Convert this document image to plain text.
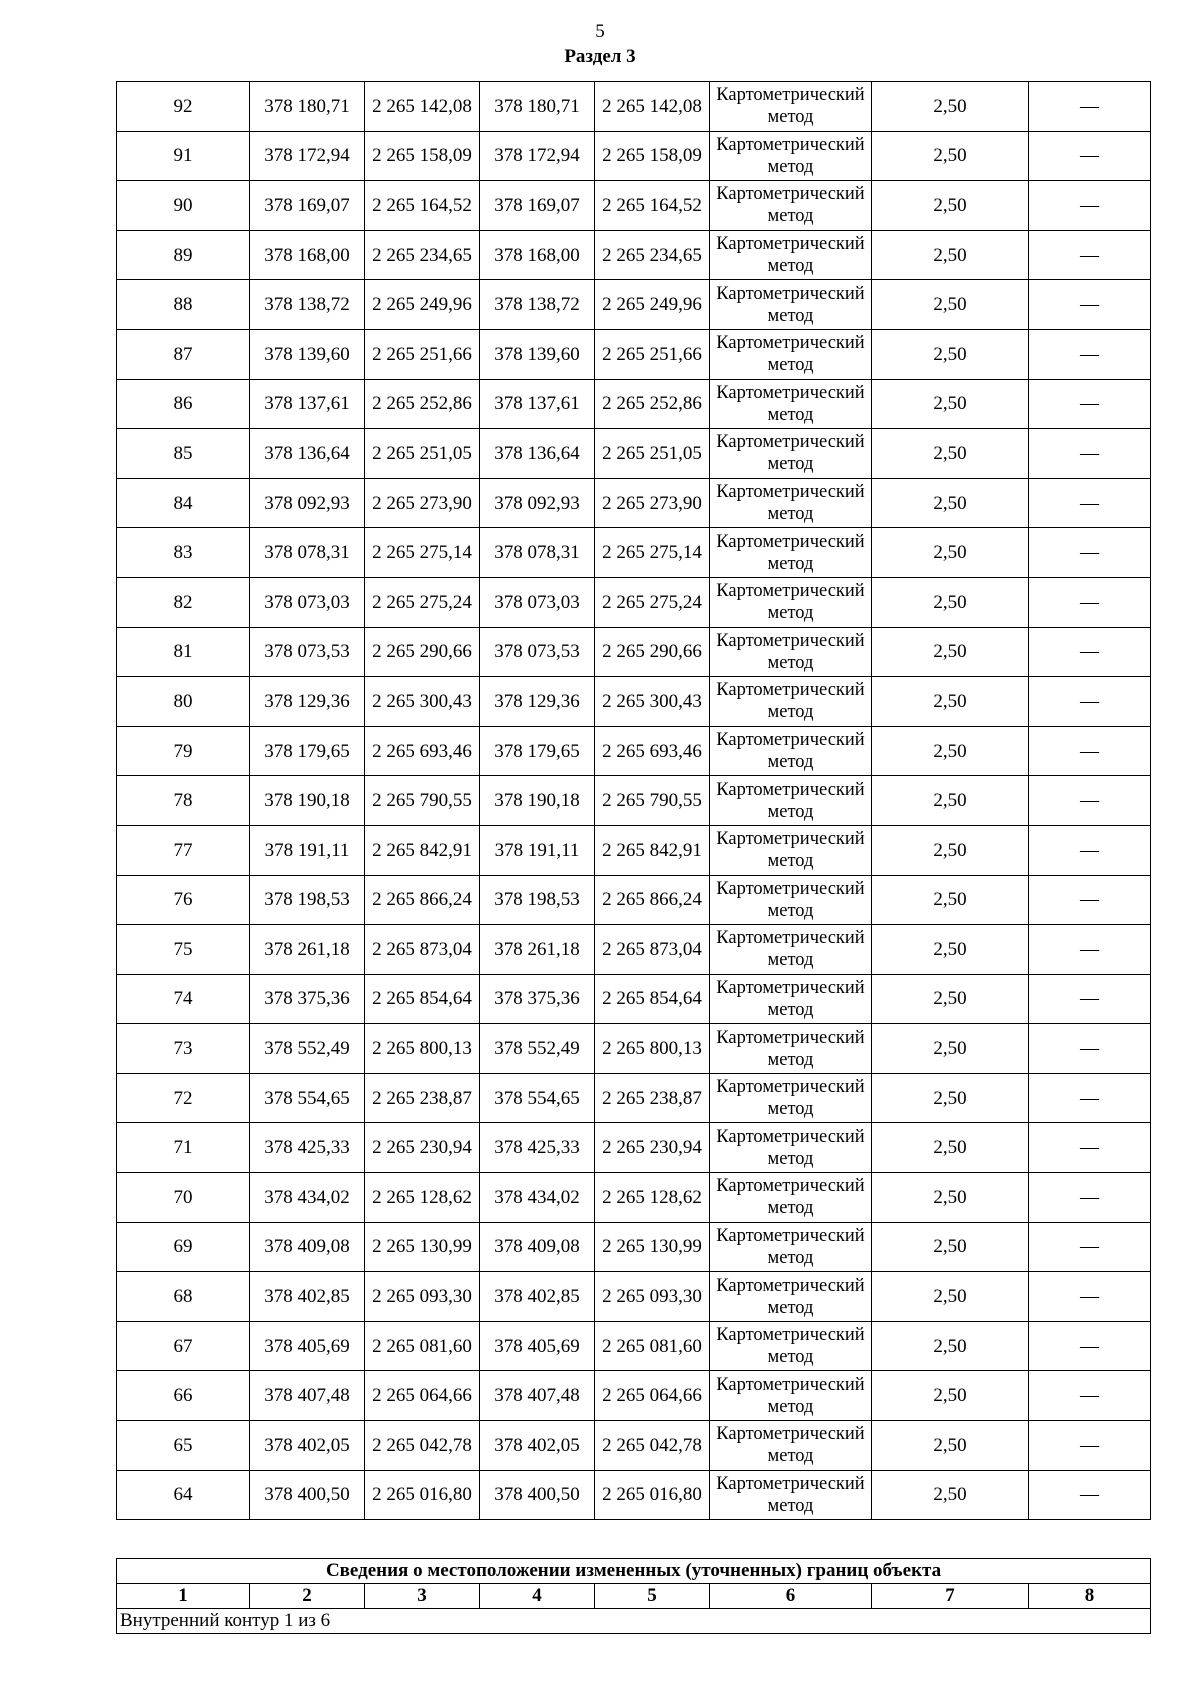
5
Раздел 3
92	378 180,71	2 265 142,08	378 180,71	2 265 142,08	Картометрический метод	2,50	—
91	378 172,94	2 265 158,09	378 172,94	2 265 158,09	Картометрический метод	2,50	—
90	378 169,07	2 265 164,52	378 169,07	2 265 164,52	Картометрический метод	2,50	—
89	378 168,00	2 265 234,65	378 168,00	2 265 234,65	Картометрический метод	2,50	—
88	378 138,72	2 265 249,96	378 138,72	2 265 249,96	Картометрический метод	2,50	—
87	378 139,60	2 265 251,66	378 139,60	2 265 251,66	Картометрический метод	2,50	—
86	378 137,61	2 265 252,86	378 137,61	2 265 252,86	Картометрический метод	2,50	—
85	378 136,64	2 265 251,05	378 136,64	2 265 251,05	Картометрический метод	2,50	—
84	378 092,93	2 265 273,90	378 092,93	2 265 273,90	Картометрический метод	2,50	—
83	378 078,31	2 265 275,14	378 078,31	2 265 275,14	Картометрический метод	2,50	—
82	378 073,03	2 265 275,24	378 073,03	2 265 275,24	Картометрический метод	2,50	—
81	378 073,53	2 265 290,66	378 073,53	2 265 290,66	Картометрический метод	2,50	—
80	378 129,36	2 265 300,43	378 129,36	2 265 300,43	Картометрический метод	2,50	—
79	378 179,65	2 265 693,46	378 179,65	2 265 693,46	Картометрический метод	2,50	—
78	378 190,18	2 265 790,55	378 190,18	2 265 790,55	Картометрический метод	2,50	—
77	378 191,11	2 265 842,91	378 191,11	2 265 842,91	Картометрический метод	2,50	—
76	378 198,53	2 265 866,24	378 198,53	2 265 866,24	Картометрический метод	2,50	—
75	378 261,18	2 265 873,04	378 261,18	2 265 873,04	Картометрический метод	2,50	—
74	378 375,36	2 265 854,64	378 375,36	2 265 854,64	Картометрический метод	2,50	—
73	378 552,49	2 265 800,13	378 552,49	2 265 800,13	Картометрический метод	2,50	—
72	378 554,65	2 265 238,87	378 554,65	2 265 238,87	Картометрический метод	2,50	—
71	378 425,33	2 265 230,94	378 425,33	2 265 230,94	Картометрический метод	2,50	—
70	378 434,02	2 265 128,62	378 434,02	2 265 128,62	Картометрический метод	2,50	—
69	378 409,08	2 265 130,99	378 409,08	2 265 130,99	Картометрический метод	2,50	—
68	378 402,85	2 265 093,30	378 402,85	2 265 093,30	Картометрический метод	2,50	—
67	378 405,69	2 265 081,60	378 405,69	2 265 081,60	Картометрический метод	2,50	—
66	378 407,48	2 265 064,66	378 407,48	2 265 064,66	Картометрический метод	2,50	—
65	378 402,05	2 265 042,78	378 402,05	2 265 042,78	Картометрический метод	2,50	—
64	378 400,50	2 265 016,80	378 400,50	2 265 016,80	Картометрический метод	2,50	—
Сведения о местоположении измененных (уточненных) границ объекта
1	2	3	4	5	6	7	8
Внутренний контур 1 из 6
